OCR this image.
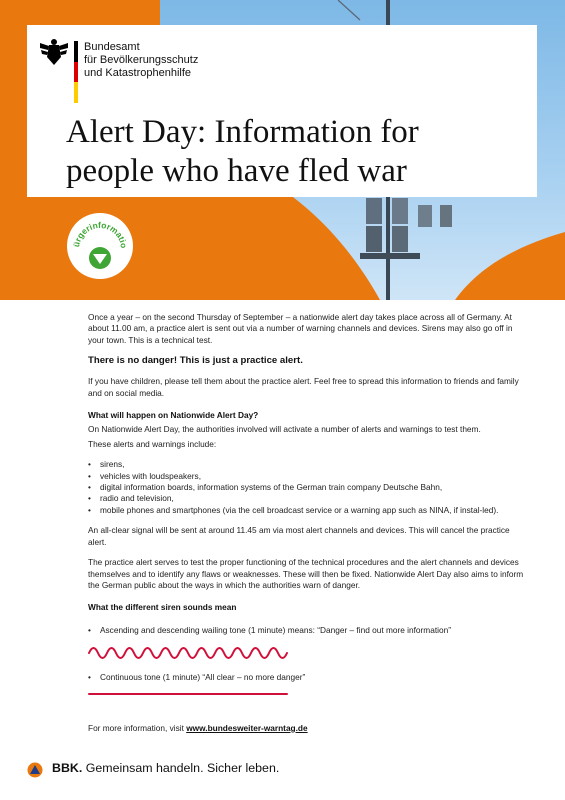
Bundesamt
für Bevölkerungsschutz
und Katastrophenhilfe
Alert Day: Information for people who have fled war
ürgerinformatio

Once a year – on the second Thursday of September – a nationwide alert day takes place across all of Germany. At about 11.00 am, a practice alert is sent out via a number of warning channels and devices. Sirens may also go off in your town. This is a technical test.

There is no danger! This is just a practice alert.

If you have children, please tell them about the practice alert. Feel free to spread this information to friends and family and on social media.

What will happen on Nationwide Alert Day?

On Nationwide Alert Day, the authorities involved will activate a number of alerts and warnings to test them.

These alerts and warnings include:

• sirens,
• vehicles with loudspeakers,
• digital information boards, information systems of the German train company Deutsche Bahn,
• radio and television,
• mobile phones and smartphones (via the cell broadcast service or a warning app such as NINA, if instal-led).

An all-clear signal will be sent at around 11.45 am via most alert channels and devices. This will cancel the practice alert.

The practice alert serves to test the proper functioning of the technical procedures and the alert channels and devices themselves and to identify any flaws or weaknesses. These will then be fixed. Nationwide Alert Day also aims to inform the German public about the ways in which the authorities warn of danger.

What the different siren sounds mean

• Ascending and descending wailing tone (1 minute) means: “Danger – find out more information”
• Continuous tone (1 minute) “All clear – no more danger”

For more information, visit www.bundesweiter-warntag.de

BBK. Gemeinsam handeln. Sicher leben.
